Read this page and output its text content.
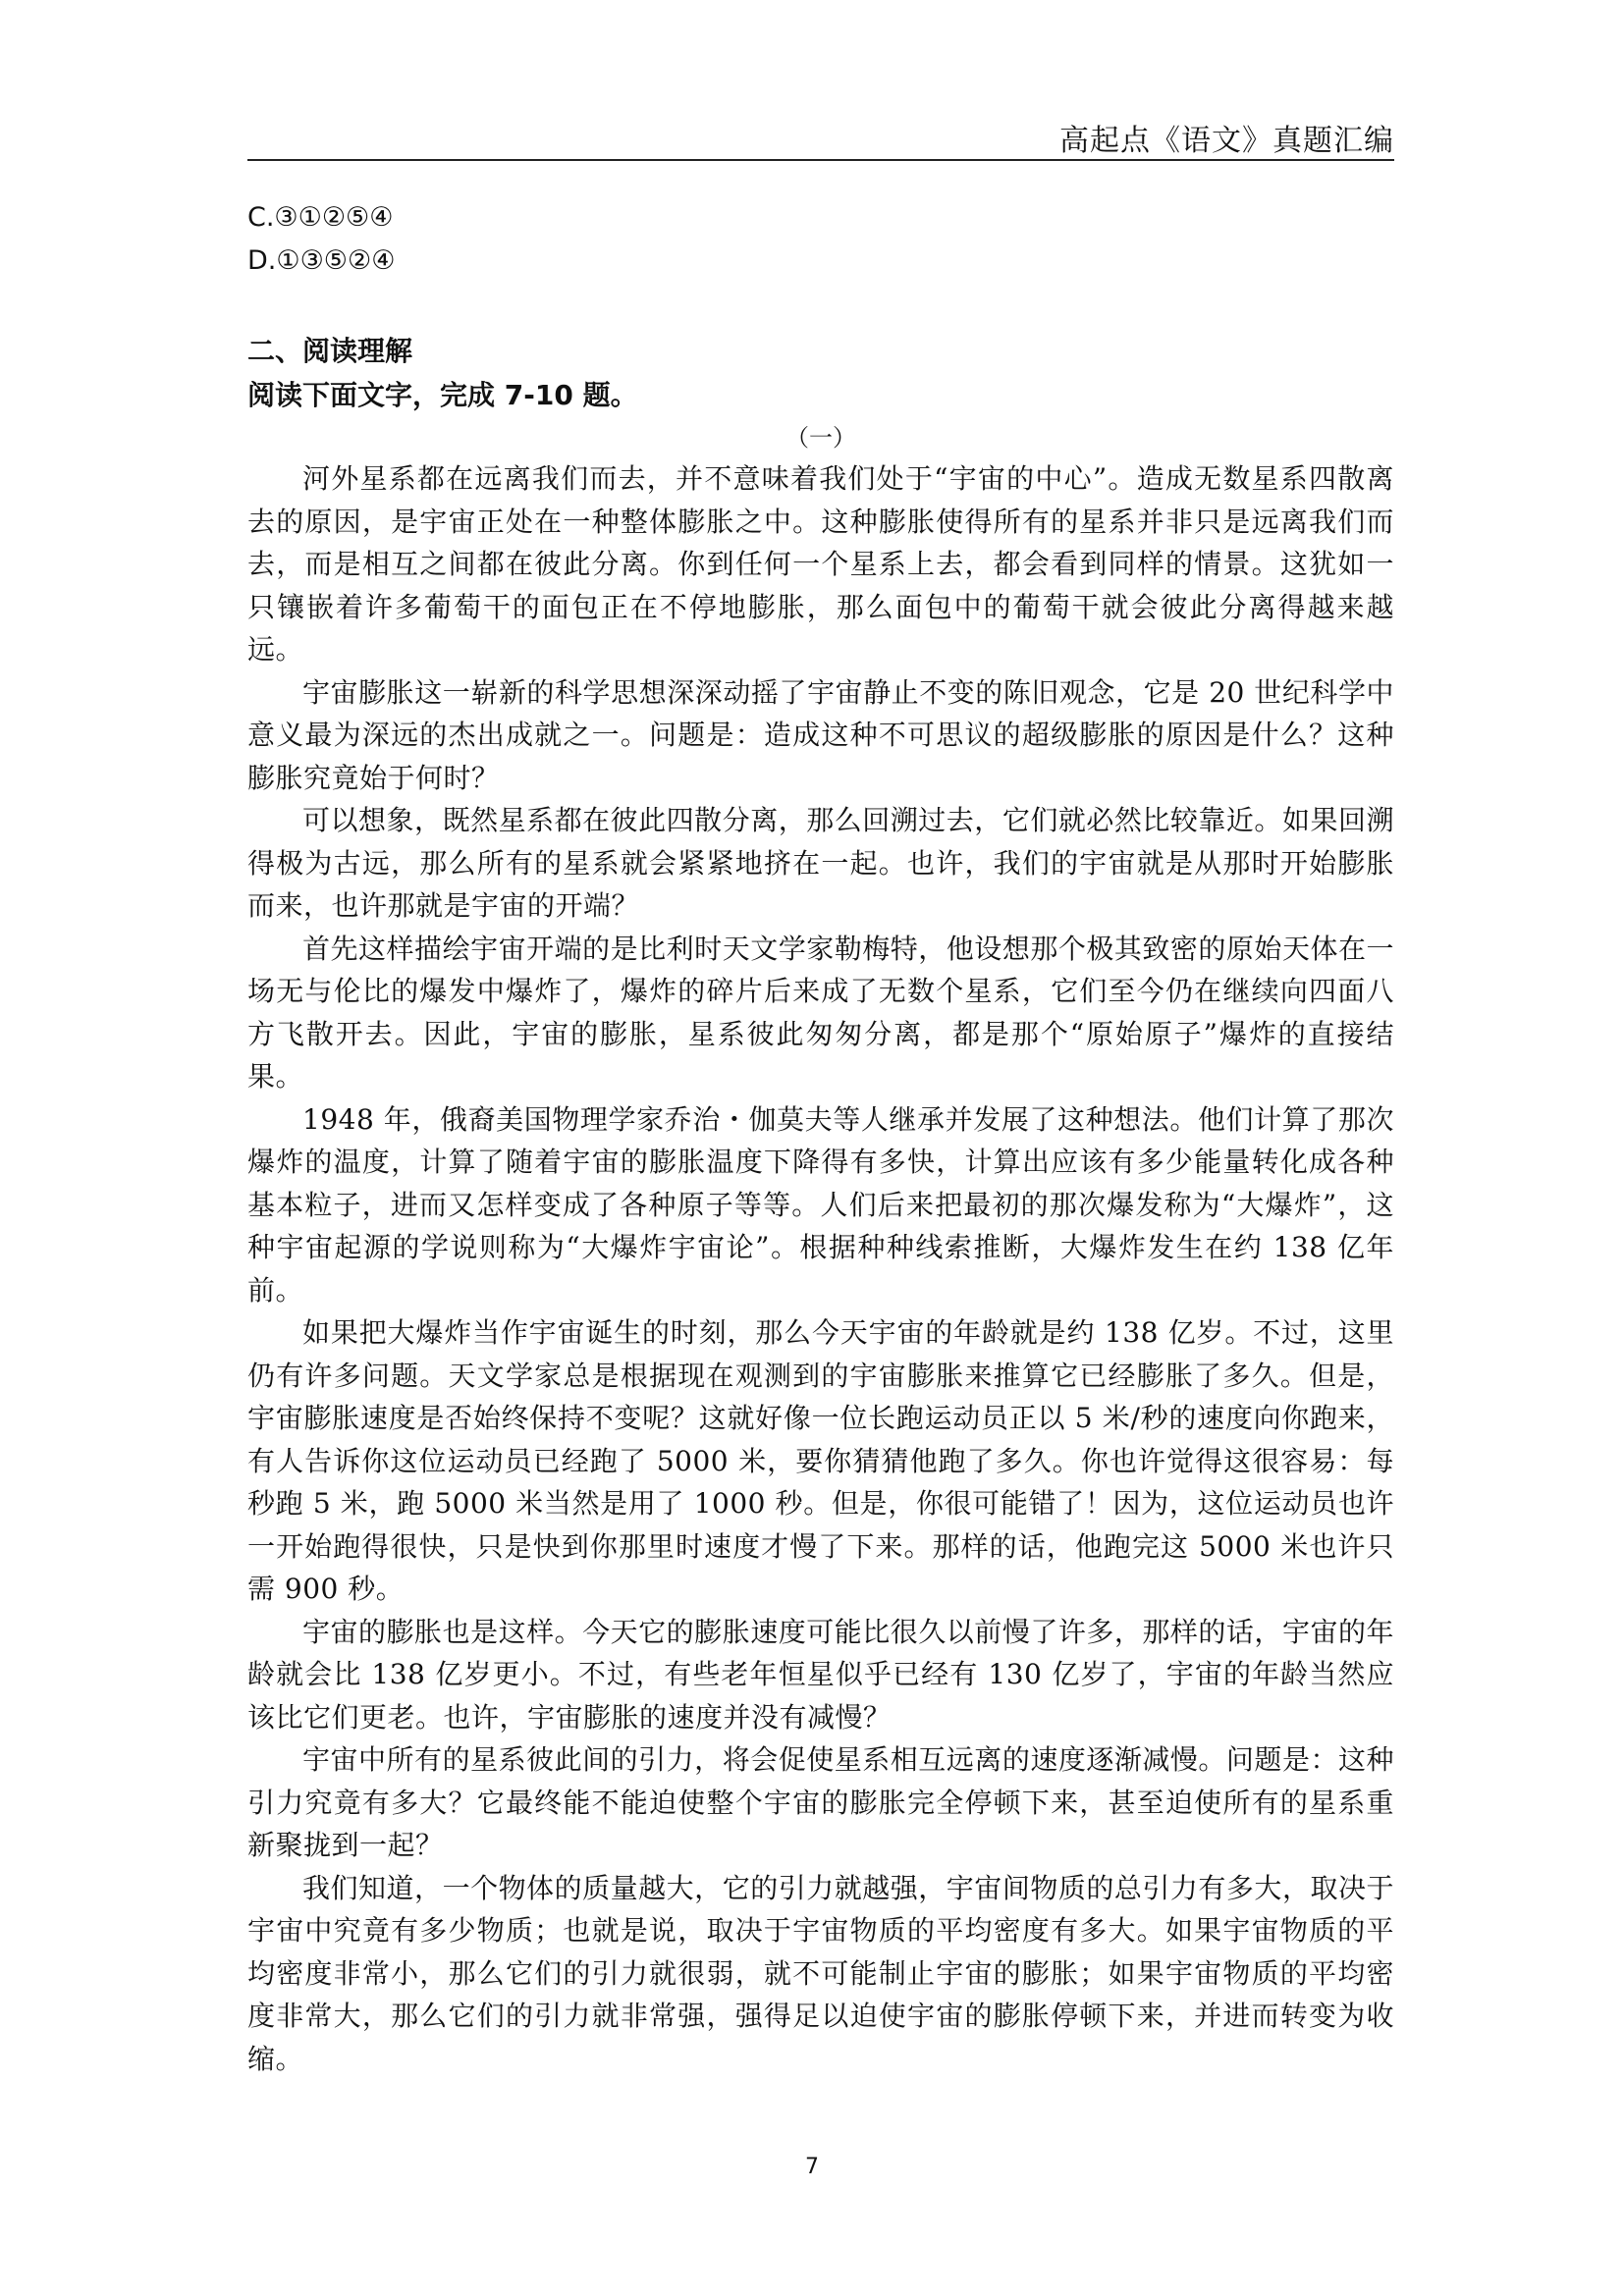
高起点《语文》真题汇编
C.③①②⑤④
D.①③⑤②④
二、阅读理解
阅读下面文字，完成 7-10 题。
（一）

河外星系都在远离我们而去，并不意味着我们处于“宇宙的中心”。造成无数星系四散离去的原因，是宇宙正处在一种整体膨胀之中。这种膨胀使得所有的星系并非只是远离我们而去，而是相互之间都在彼此分离。你到任何一个星系上去，都会看到同样的情景。这犹如一只镶嵌着许多葡萄干的面包正在不停地膨胀，那么面包中的葡萄干就会彼此分离得越来越远。

宇宙膨胀这一崭新的科学思想深深动摇了宇宙静止不变的陈旧观念，它是 20 世纪科学中意义最为深远的杰出成就之一。问题是：造成这种不可思议的超级膨胀的原因是什么？这种膨胀究竟始于何时？

可以想象，既然星系都在彼此四散分离，那么回溯过去，它们就必然比较靠近。如果回溯得极为古远，那么所有的星系就会紧紧地挤在一起。也许，我们的宇宙就是从那时开始膨胀而来，也许那就是宇宙的开端？

首先这样描绘宇宙开端的是比利时天文学家勒梅特，他设想那个极其致密的原始天体在一场无与伦比的爆发中爆炸了，爆炸的碎片后来成了无数个星系，它们至今仍在继续向四面八方飞散开去。因此，宇宙的膨胀，星系彼此匆匆分离，都是那个“原始原子”爆炸的直接结果。

1948 年，俄裔美国物理学家乔治・伽莫夫等人继承并发展了这种想法。他们计算了那次爆炸的温度，计算了随着宇宙的膨胀温度下降得有多快，计算出应该有多少能量转化成各种基本粒子，进而又怎样变成了各种原子等等。人们后来把最初的那次爆发称为“大爆炸”，这种宇宙起源的学说则称为“大爆炸宇宙论”。根据种种线索推断，大爆炸发生在约 138 亿年前。

如果把大爆炸当作宇宙诞生的时刻，那么今天宇宙的年龄就是约 138 亿岁。不过，这里仍有许多问题。天文学家总是根据现在观测到的宇宙膨胀来推算它已经膨胀了多久。但是，宇宙膨胀速度是否始终保持不变呢？这就好像一位长跑运动员正以 5 米/秒的速度向你跑来，有人告诉你这位运动员已经跑了 5000 米，要你猜猜他跑了多久。你也许觉得这很容易：每秒跑 5 米，跑 5000 米当然是用了 1000 秒。但是，你很可能错了！因为，这位运动员也许一开始跑得很快，只是快到你那里时速度才慢了下来。那样的话，他跑完这 5000 米也许只需 900 秒。

宇宙的膨胀也是这样。今天它的膨胀速度可能比很久以前慢了许多，那样的话，宇宙的年龄就会比 138 亿岁更小。不过，有些老年恒星似乎已经有 130 亿岁了，宇宙的年龄当然应该比它们更老。也许，宇宙膨胀的速度并没有减慢？

宇宙中所有的星系彼此间的引力，将会促使星系相互远离的速度逐渐减慢。问题是：这种引力究竟有多大？它最终能不能迫使整个宇宙的膨胀完全停顿下来，甚至迫使所有的星系重新聚拢到一起？

我们知道，一个物体的质量越大，它的引力就越强，宇宙间物质的总引力有多大，取决于宇宙中究竟有多少物质；也就是说，取决于宇宙物质的平均密度有多大。如果宇宙物质的平均密度非常小，那么它们的引力就很弱，就不可能制止宇宙的膨胀；如果宇宙物质的平均密度非常大，那么它们的引力就非常强，强得足以迫使宇宙的膨胀停顿下来，并进而转变为收缩。

7
